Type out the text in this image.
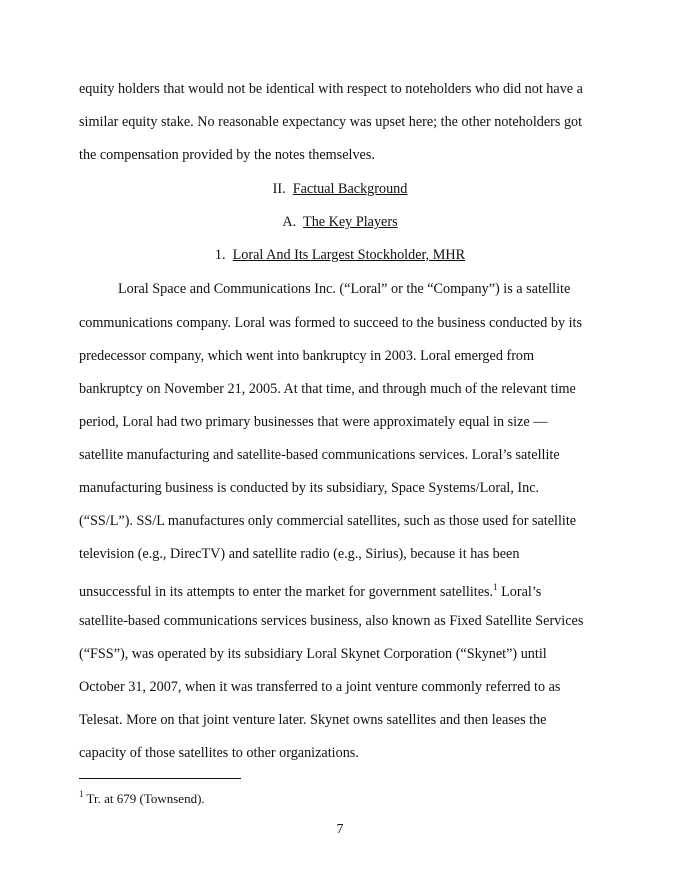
equity holders that would not be identical with respect to noteholders who did not have a
similar equity stake. No reasonable expectancy was upset here; the other noteholders got
the compensation provided by the notes themselves.
II. Factual Background
A. The Key Players
1. Loral And Its Largest Stockholder, MHR
Loral Space and Communications Inc. (“Loral” or the “Company”) is a satellite
communications company. Loral was formed to succeed to the business conducted by its
predecessor company, which went into bankruptcy in 2003. Loral emerged from
bankruptcy on November 21, 2005. At that time, and through much of the relevant time
period, Loral had two primary businesses that were approximately equal in size —
satellite manufacturing and satellite-based communications services. Loral’s satellite
manufacturing business is conducted by its subsidiary, Space Systems/Loral, Inc.
(“SS/L”). SS/L manufactures only commercial satellites, such as those used for satellite
television (e.g., DirecTV) and satellite radio (e.g., Sirius), because it has been
unsuccessful in its attempts to enter the market for government satellites.$^1$ Loral’s
satellite-based communications services business, also known as Fixed Satellite Services
(“FSS”), was operated by its subsidiary Loral Skynet Corporation (“Skynet”) until
October 31, 2007, when it was transferred to a joint venture commonly referred to as
Telesat. More on that joint venture later. Skynet owns satellites and then leases the
capacity of those satellites to other organizations.
$^1$ Tr. at 679 (Townsend).
7
